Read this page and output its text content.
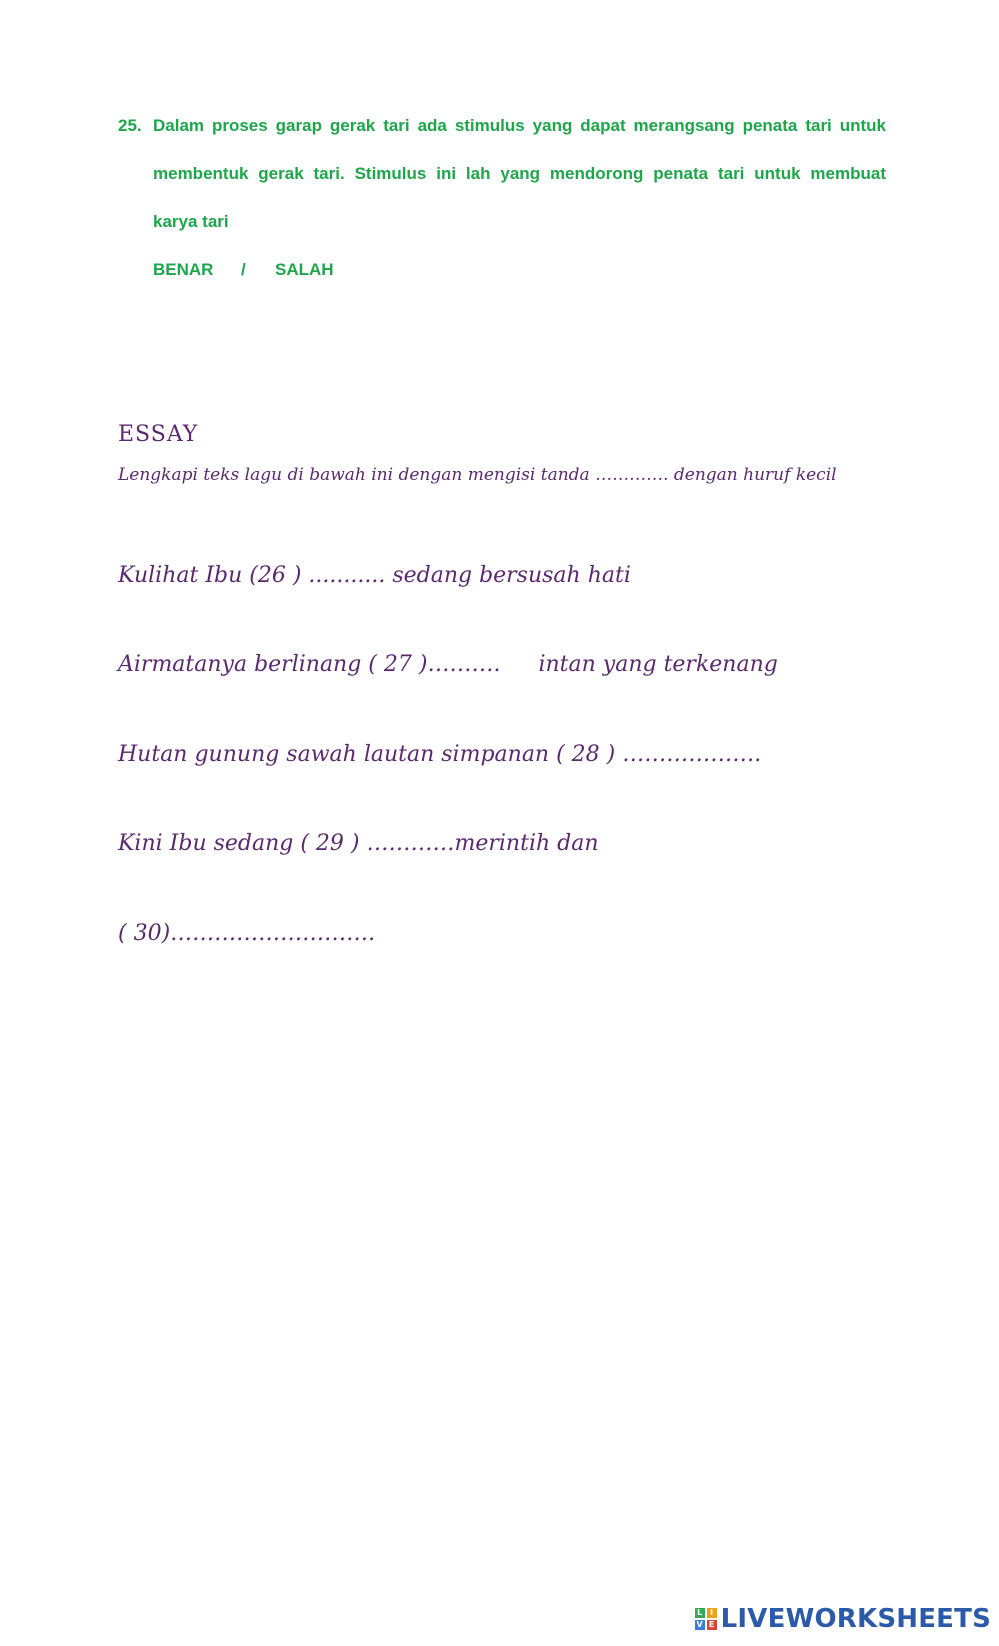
25. Dalam proses garap gerak tari ada stimulus yang dapat merangsang penata tari untuk
membentuk gerak tari. Stimulus ini lah yang mendorong penata tari untuk membuat
karya tari
BENAR / SALAH
ESSAY
Lengkapi teks lagu di bawah ini dengan mengisi tanda …………. dengan huruf kecil
Kulihat Ibu (26 ) ........... sedang bersusah hati
Airmatanya berlinang ( 27 )………. intan yang terkenang
Hutan gunung sawah lautan simpanan ( 28 ) ……………….
Kini Ibu sedang ( 29 ) …………merintih dan
( 30)……………………….
L I
V E LIVEWORKSHEETS
